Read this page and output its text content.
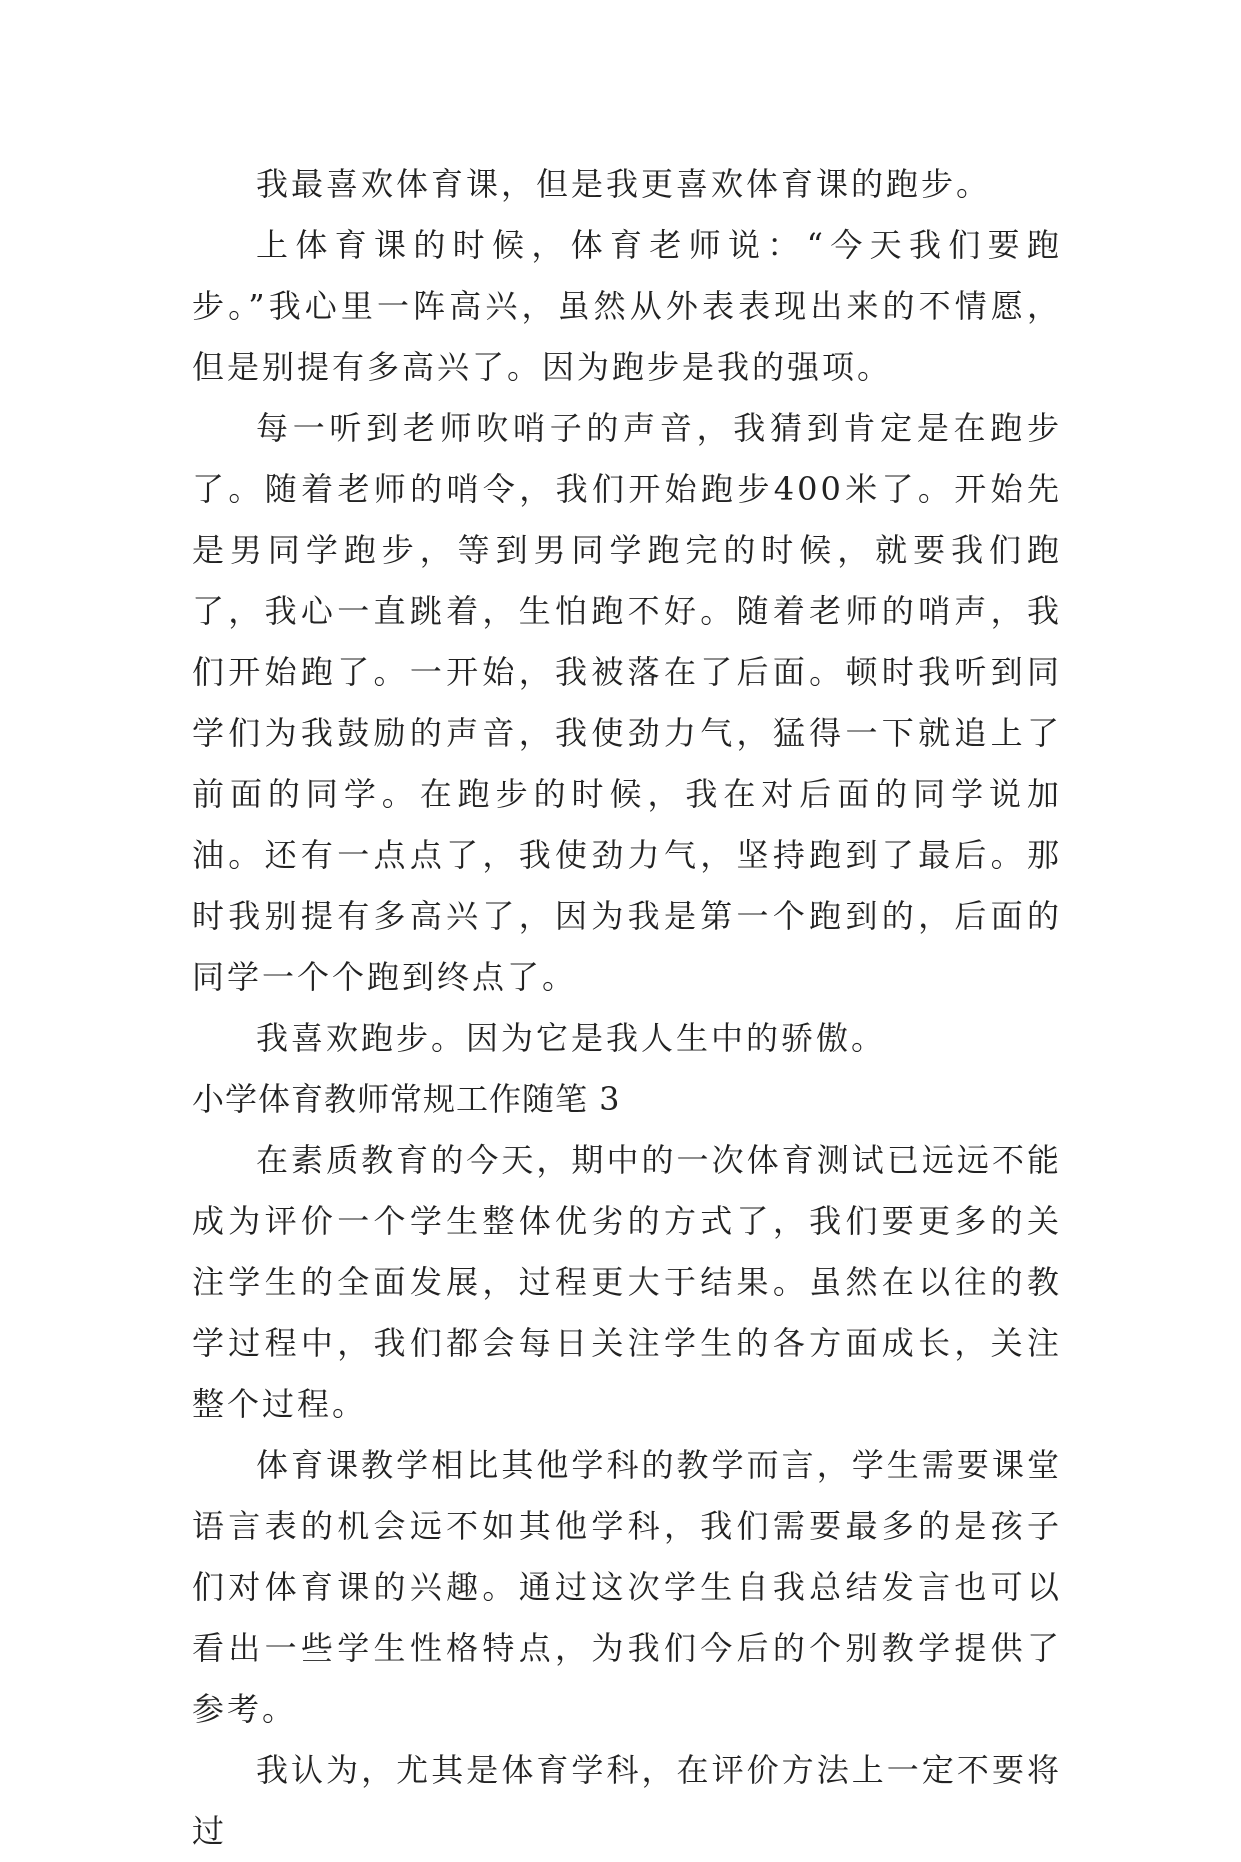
我最喜欢体育课，但是我更喜欢体育课的跑步。

上体育课的时候，体育老师说：“今天我们要跑步。”我心里一阵高兴，虽然从外表表现出来的不情愿，但是别提有多高兴了。因为跑步是我的强项。

每一听到老师吹哨子的声音，我猜到肯定是在跑步了。随着老师的哨令，我们开始跑步400米了。开始先是男同学跑步，等到男同学跑完的时候，就要我们跑了，我心一直跳着，生怕跑不好。随着老师的哨声，我们开始跑了。一开始，我被落在了后面。顿时我听到同学们为我鼓励的声音，我使劲力气，猛得一下就追上了前面的同学。在跑步的时候，我在对后面的同学说加油。还有一点点了，我使劲力气，坚持跑到了最后。那时我别提有多高兴了，因为我是第一个跑到的，后面的同学一个个跑到终点了。

我喜欢跑步。因为它是我人生中的骄傲。

小学体育教师常规工作随笔 3

在素质教育的今天，期中的一次体育测试已远远不能成为评价一个学生整体优劣的方式了，我们要更多的关注学生的全面发展，过程更大于结果。虽然在以往的教学过程中，我们都会每日关注学生的各方面成长，关注整个过程。

体育课教学相比其他学科的教学而言，学生需要课堂语言表的机会远不如其他学科，我们需要最多的是孩子们对体育课的兴趣。通过这次学生自我总结发言也可以看出一些学生性格特点，为我们今后的个别教学提供了参考。

我认为，尤其是体育学科，在评价方法上一定不要将过
